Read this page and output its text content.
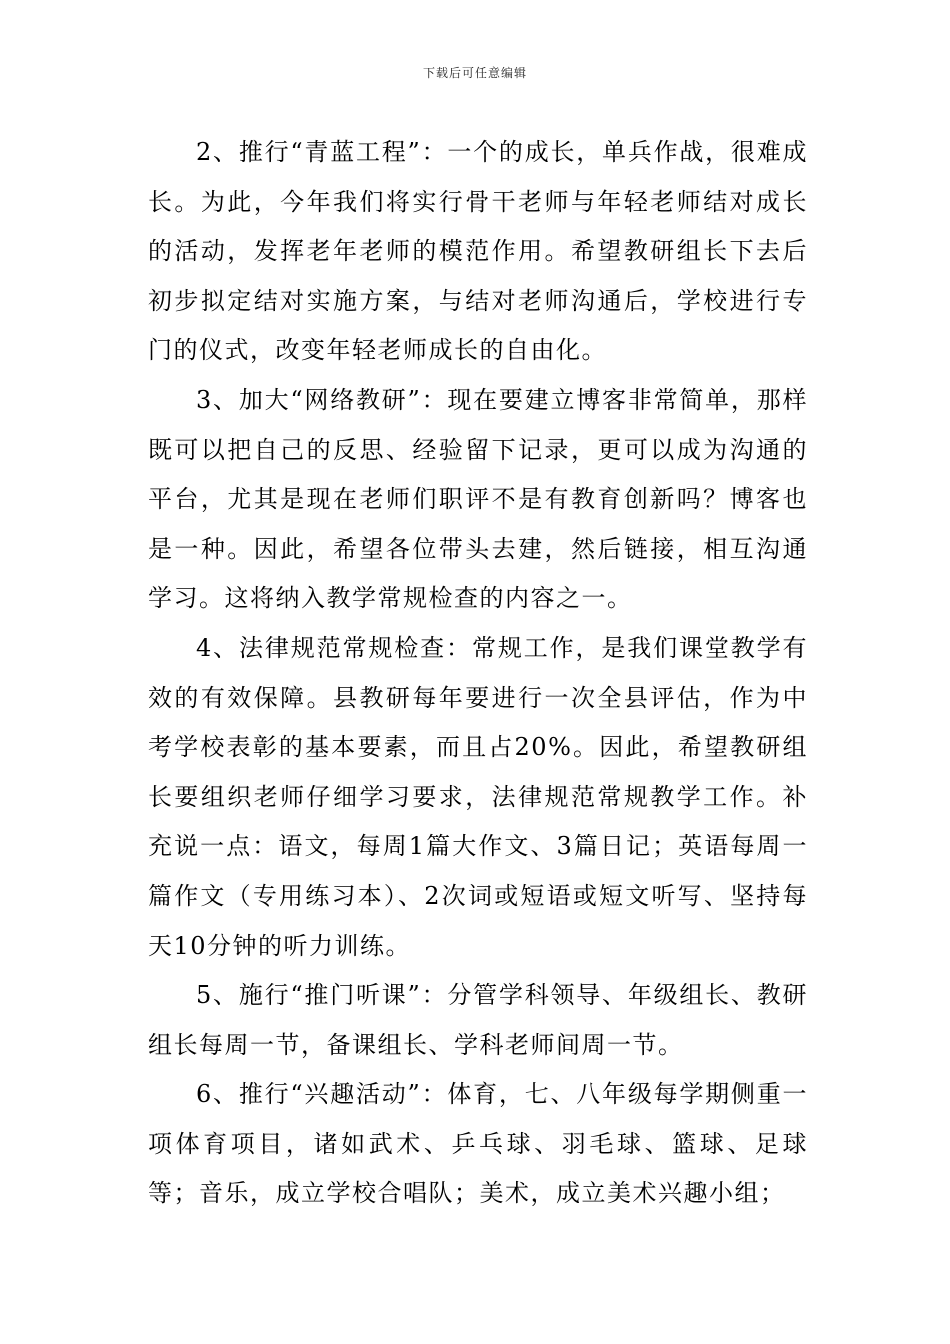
下载后可任意编辑

2、推行“青蓝工程”：一个的成长，单兵作战，很难成长。为此，今年我们将实行骨干老师与年轻老师结对成长的活动，发挥老年老师的模范作用。希望教研组长下去后初步拟定结对实施方案，与结对老师沟通后，学校进行专门的仪式，改变年轻老师成长的自由化。

3、加大“网络教研”：现在要建立博客非常简单，那样既可以把自己的反思、经验留下记录，更可以成为沟通的平台，尤其是现在老师们职评不是有教育创新吗？博客也是一种。因此，希望各位带头去建，然后链接，相互沟通学习。这将纳入教学常规检查的内容之一。

4、法律规范常规检查：常规工作，是我们课堂教学有效的有效保障。县教研每年要进行一次全县评估，作为中考学校表彰的基本要素，而且占20%。因此，希望教研组长要组织老师仔细学习要求，法律规范常规教学工作。补充说一点：语文，每周1篇大作文、3篇日记；英语每周一篇作文（专用练习本）、2次词或短语或短文听写、坚持每天10分钟的听力训练。

5、施行“推门听课”：分管学科领导、年级组长、教研组长每周一节，备课组长、学科老师间周一节。

6、推行“兴趣活动”：体育，七、八年级每学期侧重一项体育项目，诸如武术、乒乓球、羽毛球、篮球、足球等；音乐，成立学校合唱队；美术，成立美术兴趣小组；
